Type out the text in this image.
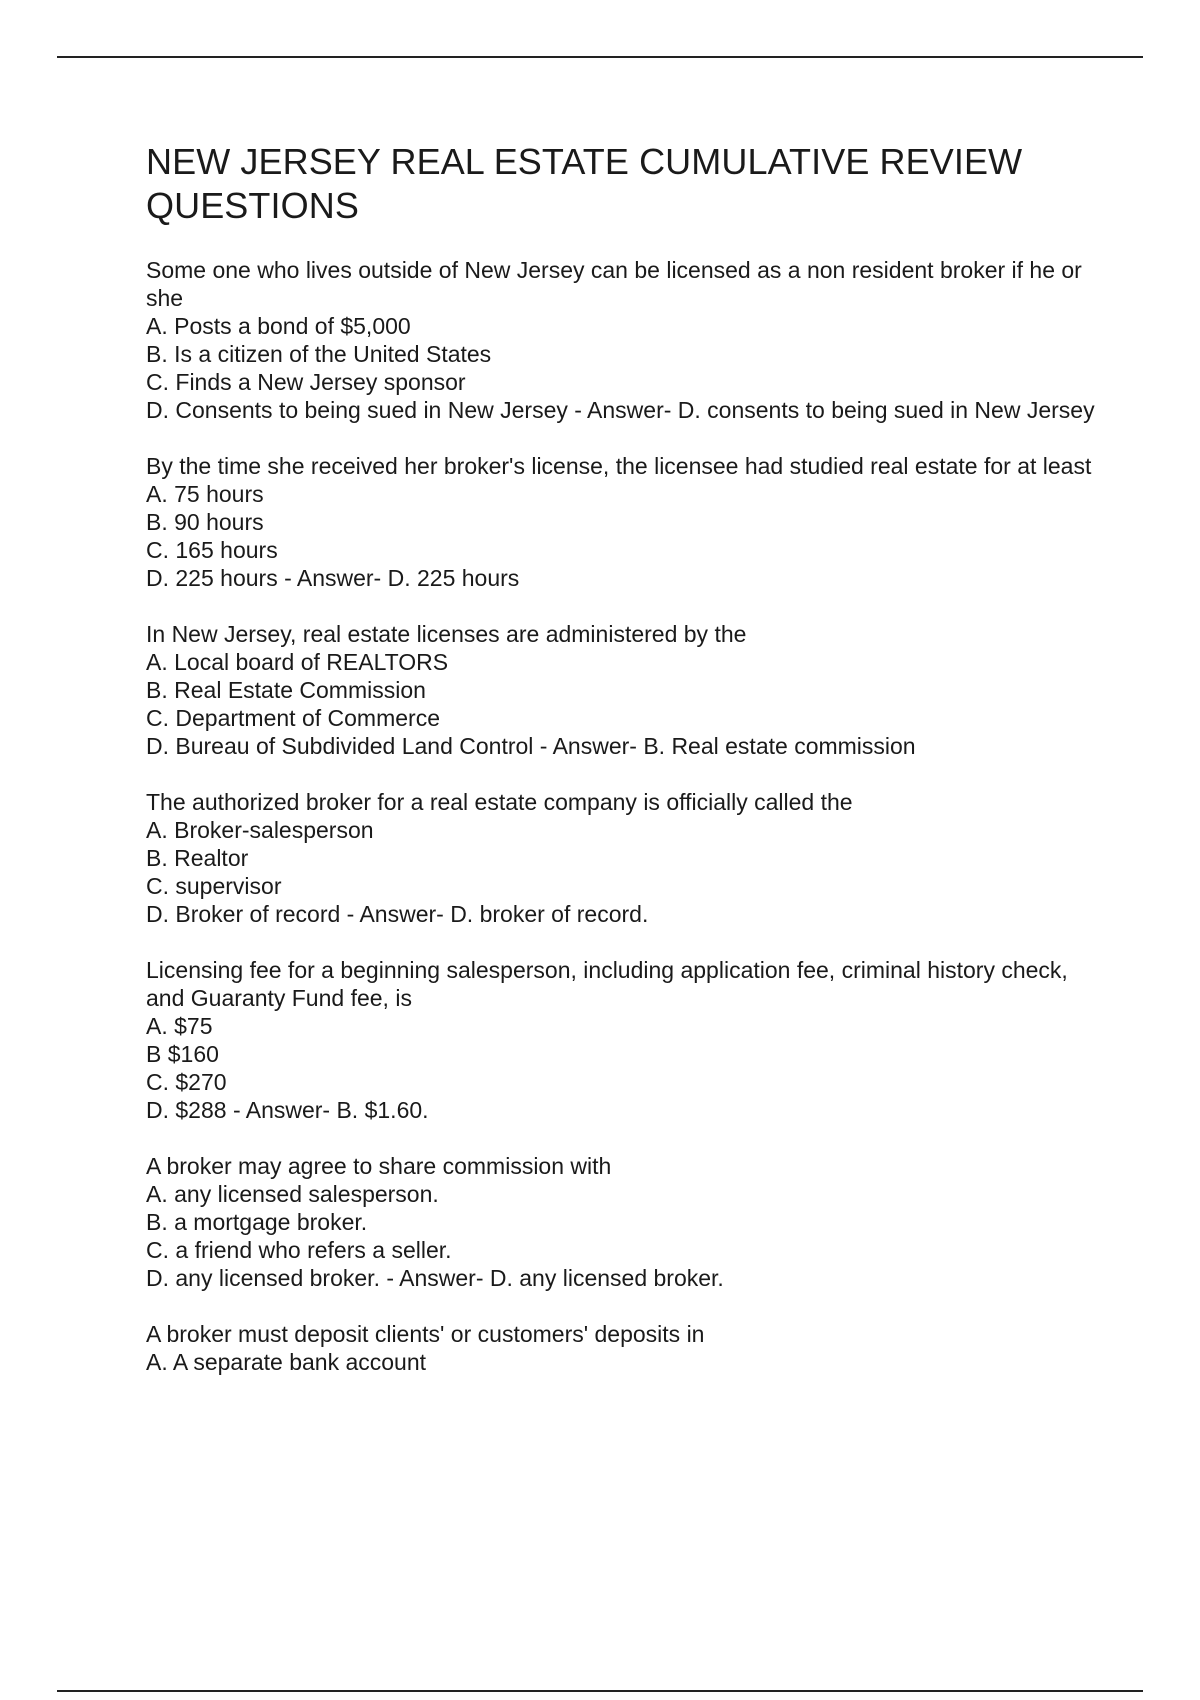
NEW JERSEY REAL ESTATE CUMULATIVE REVIEW QUESTIONS

Some one who lives outside of New Jersey can be licensed as a non resident broker if he or she

A. Posts a bond of $5,000

B. Is a citizen of the United States

C. Finds a New Jersey sponsor

D. Consents to being sued in New Jersey - Answer- D. consents to being sued in New Jersey

By the time she received her broker's license, the licensee had studied real estate for at least

A. 75 hours

B. 90 hours

C. 165 hours

D. 225 hours - Answer- D. 225 hours

In New Jersey, real estate licenses are administered by the

A. Local board of REALTORS

B. Real Estate Commission

C. Department of Commerce

D. Bureau of Subdivided Land Control - Answer- B. Real estate commission

The authorized broker for a real estate company is officially called the

A. Broker-salesperson

B. Realtor

C. supervisor

D. Broker of record - Answer- D. broker of record.

Licensing fee for a beginning salesperson, including application fee, criminal history check, and Guaranty Fund fee, is

A. $75

B $160

C. $270

D. $288 - Answer- B. $1.60.

A broker may agree to share commission with

A. any licensed salesperson.

B. a mortgage broker.

C. a friend who refers a seller.

D. any licensed broker. - Answer- D. any licensed broker.

A broker must deposit clients' or customers' deposits in

A. A separate bank account
